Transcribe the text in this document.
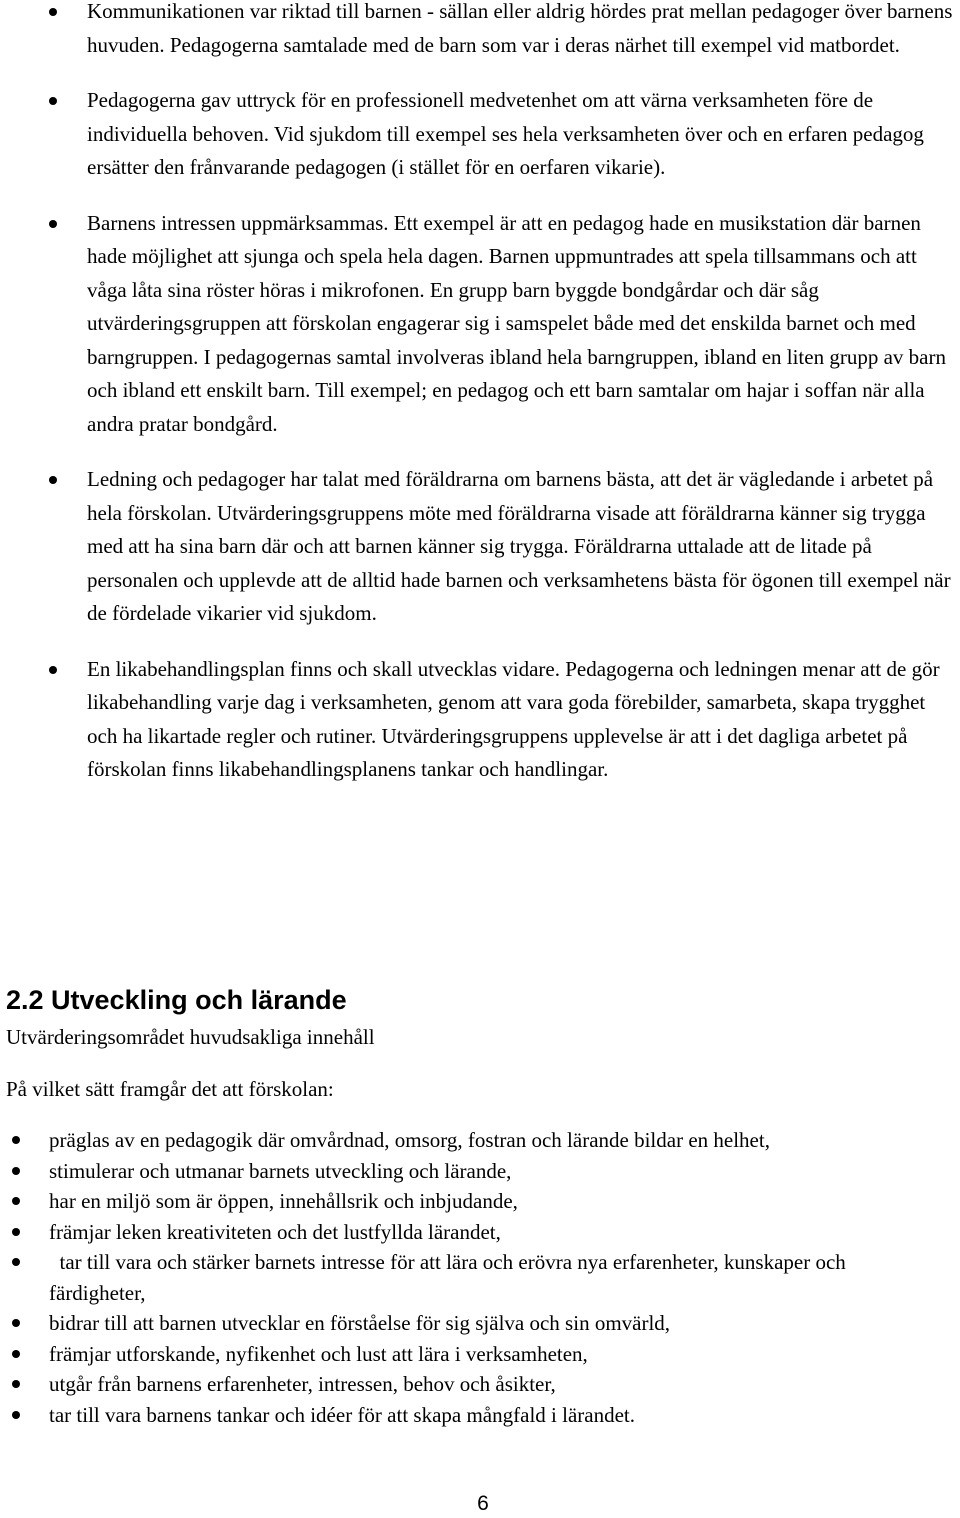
Kommunikationen var riktad till barnen - sällan eller aldrig hördes prat mellan pedagoger över barnens huvuden. Pedagogerna samtalade med de barn som var i deras närhet till exempel vid matbordet.
Pedagogerna gav uttryck för en professionell medvetenhet om att värna verksamheten före de individuella behoven. Vid sjukdom till exempel ses hela verksamheten över och en erfaren pedagog ersätter den frånvarande pedagogen (i stället för en oerfaren vikarie).
Barnens intressen uppmärksammas. Ett exempel är att en pedagog hade en musikstation där barnen hade möjlighet att sjunga och spela hela dagen. Barnen uppmuntrades att spela tillsammans och att våga låta sina röster höras i mikrofonen. En grupp barn byggde bondgårdar och där såg utvärderingsgruppen att förskolan engagerar sig i samspelet både med det enskilda barnet och med barngruppen. I pedagogernas samtal involveras ibland hela barngruppen, ibland en liten grupp av barn och ibland ett enskilt barn. Till exempel; en pedagog och ett barn samtalar om hajar i soffan när alla andra pratar bondgård.
Ledning och pedagoger har talat med föräldrarna om barnens bästa, att det är vägledande i arbetet på hela förskolan. Utvärderingsgruppens möte med föräldrarna visade att föräldrarna känner sig trygga med att ha sina barn där och att barnen känner sig trygga. Föräldrarna uttalade att de litade på personalen och upplevde att de alltid hade barnen och verksamhetens bästa för ögonen till exempel när de fördelade vikarier vid sjukdom.
En likabehandlingsplan finns och skall utvecklas vidare. Pedagogerna och ledningen menar att de gör likabehandling varje dag i verksamheten, genom att vara goda förebilder, samarbeta, skapa trygghet och ha likartade regler och rutiner. Utvärderingsgruppens upplevelse är att i det dagliga arbetet på förskolan finns likabehandlingsplanens tankar och handlingar.
2.2 Utveckling och lärande

Utvärderingsområdet huvudsakliga innehåll

På vilket sätt framgår det att förskolan:

präglas av en pedagogik där omvårdnad, omsorg, fostran och lärande bildar en helhet,
stimulerar och utmanar barnets utveckling och lärande,
har en miljö som är öppen, innehållsrik och inbjudande,
främjar leken kreativiteten och det lustfyllda lärandet,
tar till vara och stärker barnets intresse för att lära och erövra nya erfarenheter, kunskaper och färdigheter,
bidrar till att barnen utvecklar en förståelse för sig själva och sin omvärld,
främjar utforskande, nyfikenhet och lust att lära i verksamheten,
utgår från barnens erfarenheter, intressen, behov och åsikter,
tar till vara barnens tankar och idéer för att skapa mångfald i lärandet.
6
